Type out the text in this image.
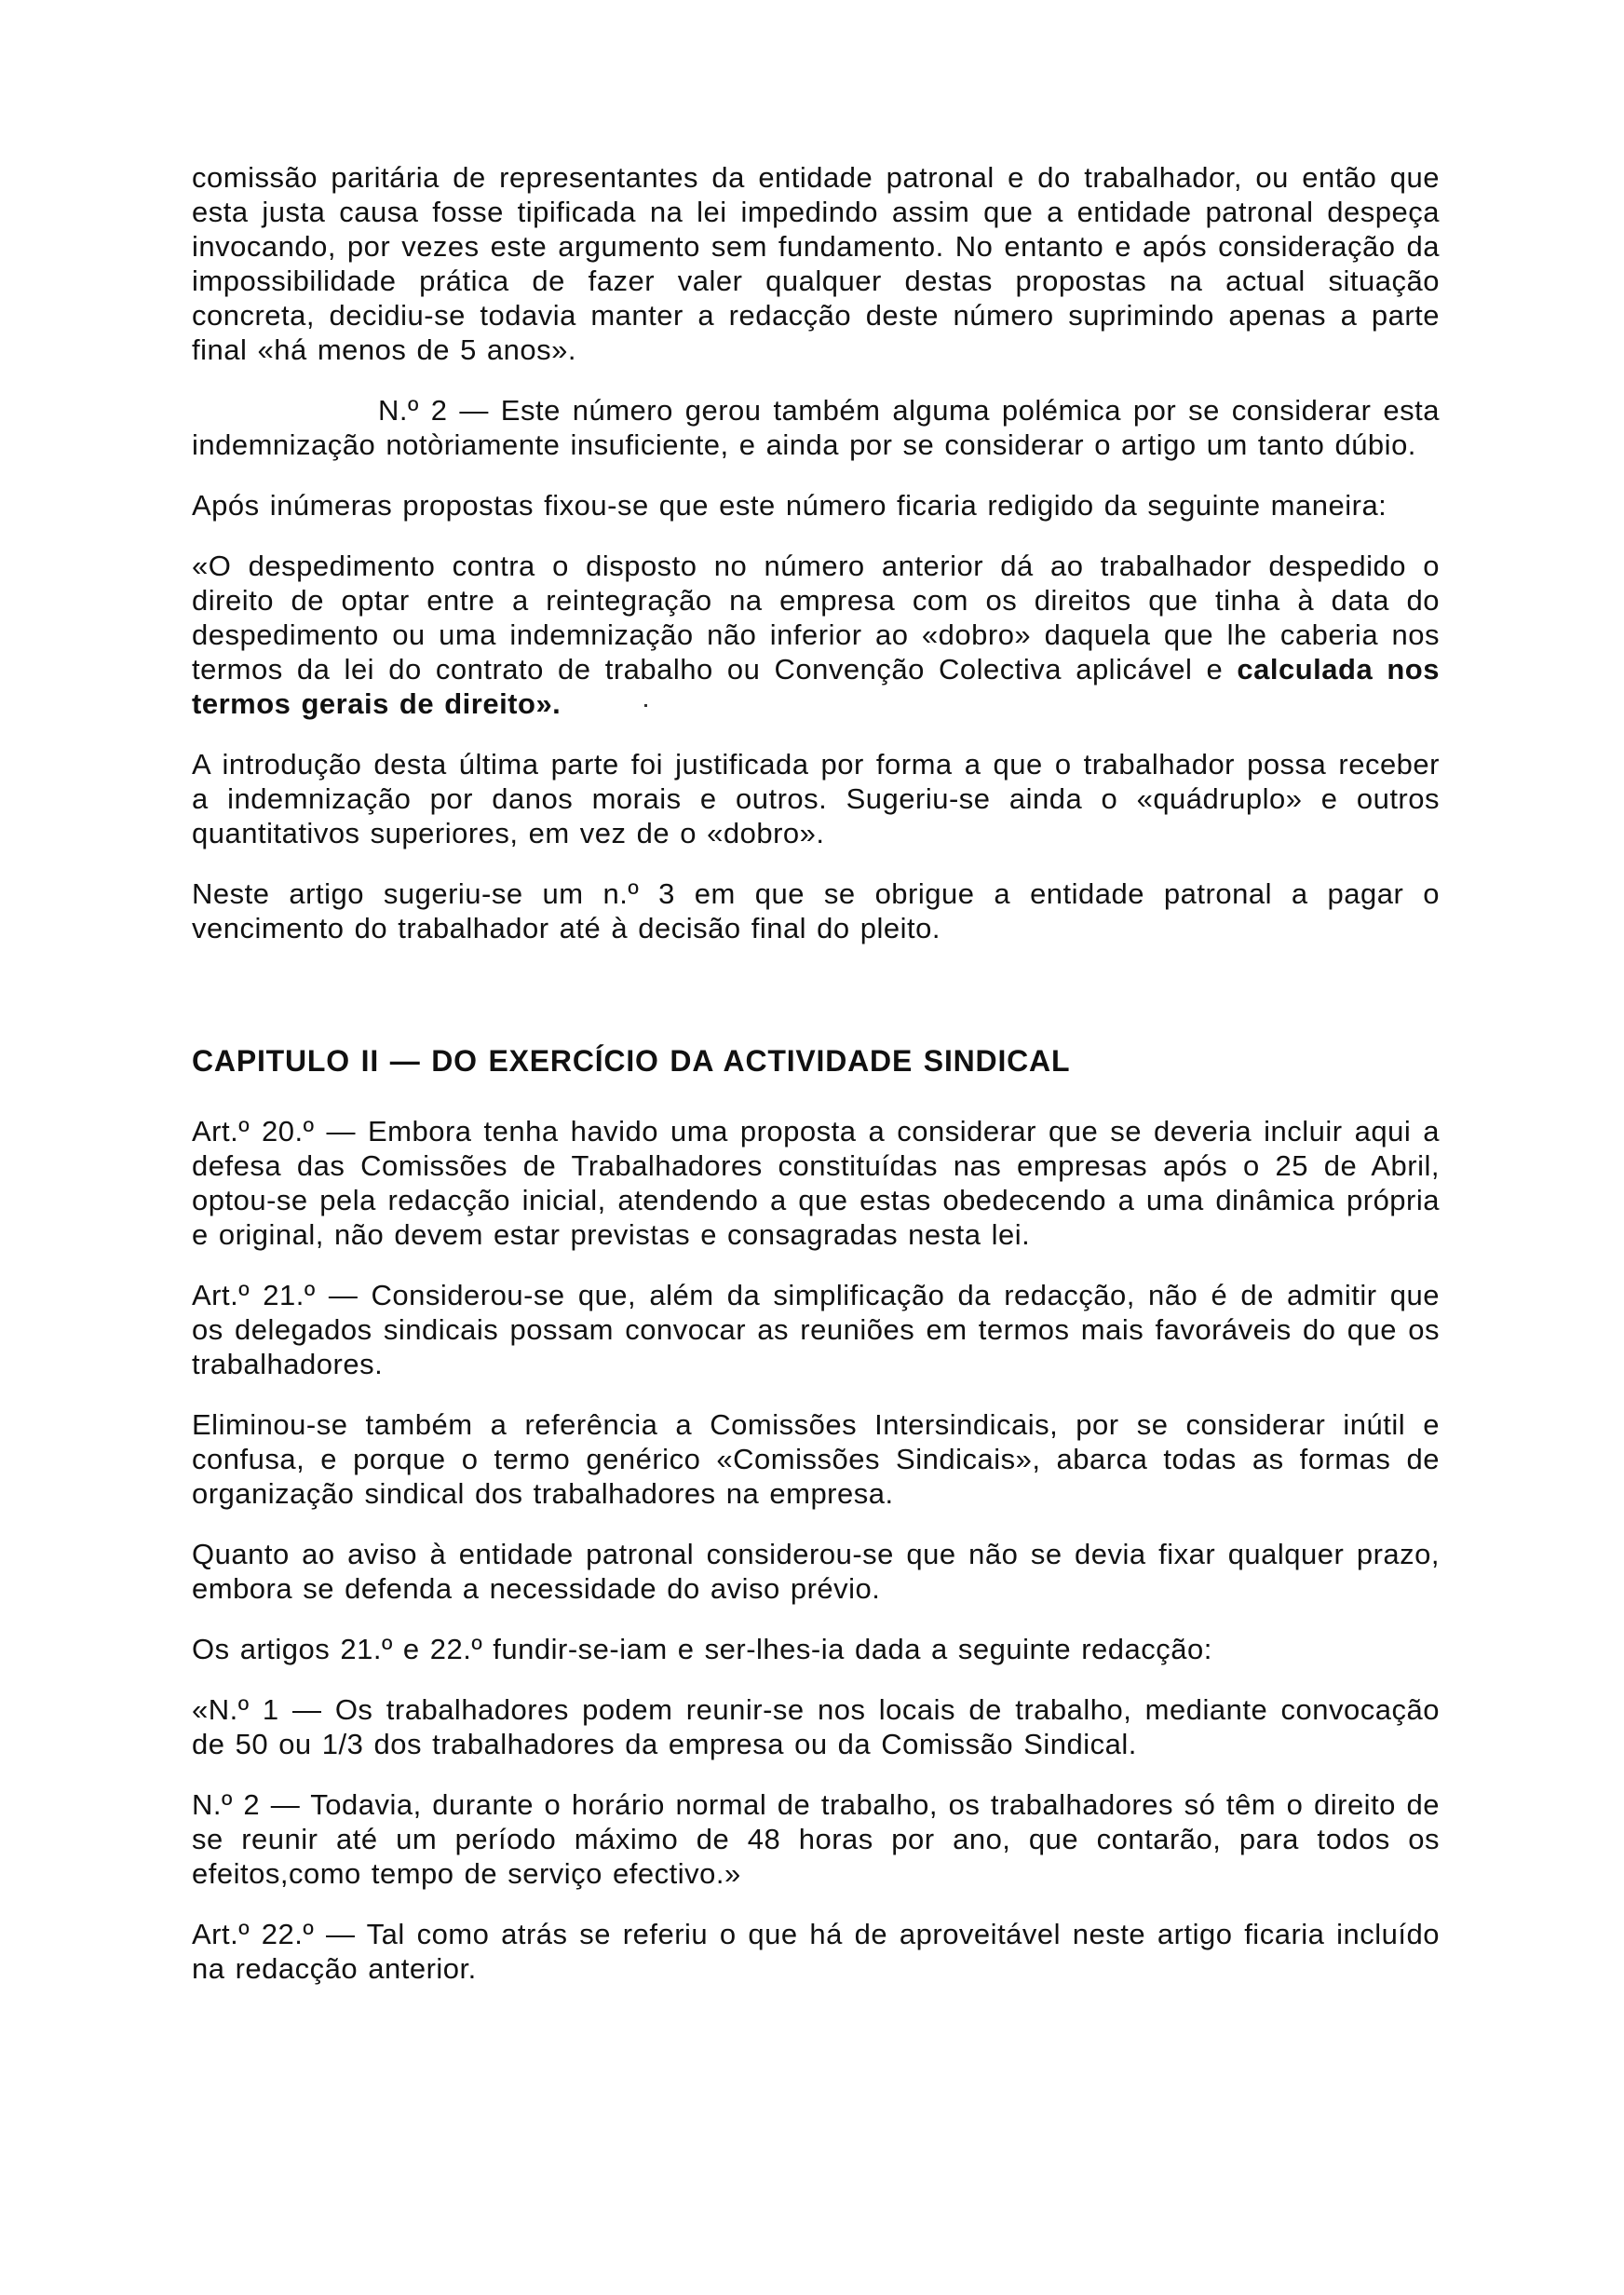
comissão paritária de representantes da entidade patronal e do trabalhador, ou então que esta justa causa fosse tipificada na lei impedindo assim que a entidade patronal despeça invocando, por vezes este argumento sem fundamento. No entanto e após consideração da impossibilidade prática de fazer valer qualquer destas propostas na actual situação concreta, decidiu-se todavia manter a redacção deste número suprimindo apenas a parte final «há menos de 5 anos».

N.º 2 — Este número gerou também alguma polémica por se considerar esta indemnização notòriamente insuficiente, e ainda por se considerar o artigo um tanto dúbio.

Após inúmeras propostas fixou-se que este número ficaria redigido da seguinte maneira:

«O despedimento contra o disposto no número anterior dá ao trabalhador despedido o direito de optar entre a reintegração na empresa com os direitos que tinha à data do despedimento ou uma indemnização não inferior ao «dobro» daquela que lhe caberia nos termos da lei do contrato de trabalho ou Convenção Colectiva aplicável e calculada nos termos gerais de direito».

A introdução desta última parte foi justificada por forma a que o trabalhador possa receber a indemnização por danos morais e outros. Sugeriu-se ainda o «quádruplo» e outros quantitativos superiores, em vez de o «dobro».

Neste artigo sugeriu-se um n.º 3 em que se obrigue a entidade patronal a pagar o vencimento do trabalhador até à decisão final do pleito.

CAPITULO II — DO EXERCÍCIO DA ACTIVIDADE SINDICAL

Art.º 20.º — Embora tenha havido uma proposta a considerar que se deveria incluir aqui a defesa das Comissões de Trabalhadores constituídas nas empresas após o 25 de Abril, optou-se pela redacção inicial, atendendo a que estas obedecendo a uma dinâmica própria e original, não devem estar previstas e consagradas nesta lei.

Art.º 21.º — Considerou-se que, além da simplificação da redacção, não é de admitir que os delegados sindicais possam convocar as reuniões em termos mais favoráveis do que os trabalhadores.

Eliminou-se também a referência a Comissões Intersindicais, por se considerar inútil e confusa, e porque o termo genérico «Comissões Sindicais», abarca todas as formas de organização sindical dos trabalhadores na empresa.

Quanto ao aviso à entidade patronal considerou-se que não se devia fixar qualquer prazo, embora se defenda a necessidade do aviso prévio.

Os artigos 21.º e 22.º fundir-se-iam e ser-lhes-ia dada a seguinte redacção:

«N.º 1 — Os trabalhadores podem reunir-se nos locais de trabalho, mediante convocação de 50 ou 1/3 dos trabalhadores da empresa ou da Comissão Sindical.

N.º 2 — Todavia, durante o horário normal de trabalho, os trabalhadores só têm o direito de se reunir até um período máximo de 48 horas por ano, que contarão, para todos os efeitos,como tempo de serviço efectivo.»

Art.º 22.º — Tal como atrás se referiu o que há de aproveitável neste artigo ficaria incluído na redacção anterior.
